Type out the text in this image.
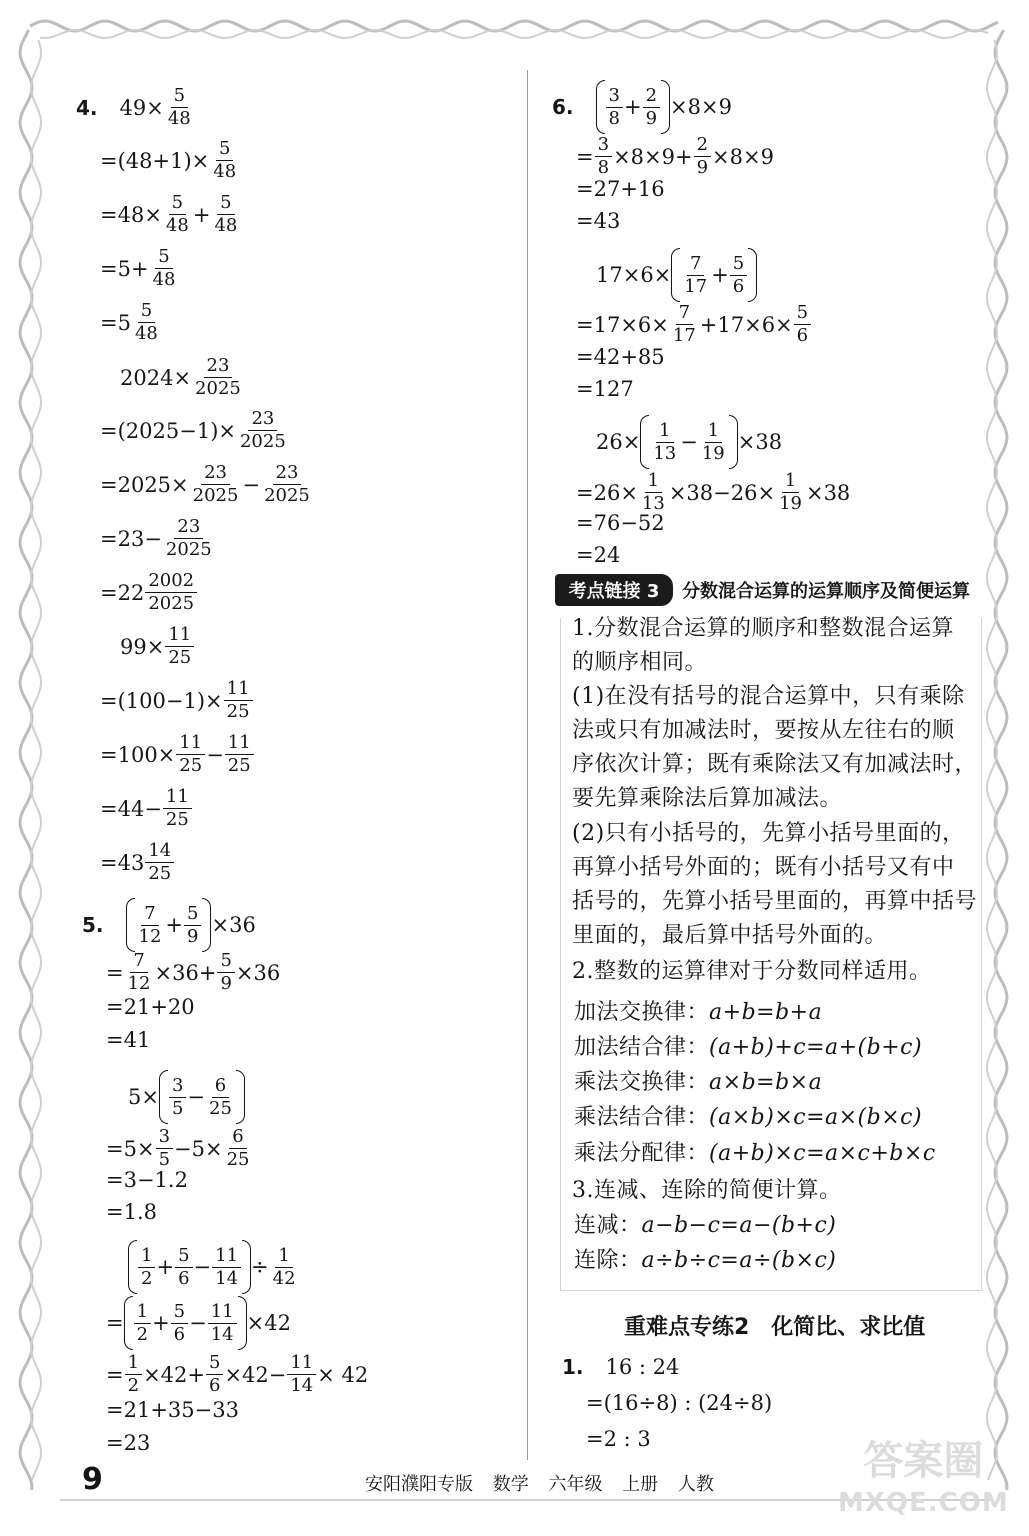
4. $49\times \frac{5}{48}$
$=(48+1)\times \frac{5}{48}$
$=48\times \frac{5}{48} + \frac{5}{48}$
$=5+ \frac{5}{48}$
=5 5
48
$2024\times \frac{23}{2025}$
$=(2025-1)\times \frac{23}{2025}$
$=2025\times \frac{23}{2025} - \frac{23}{2025}$
$=23- \frac{23}{2025}$
=22 2002
2025
$99\times \frac{11}{25}$
$=(100-1)\times \frac{11}{25}$
$=100\times \frac{11}{25} - \frac{11}{25}$
$=44- \frac{11}{25}$
=43 14
25
5. 7
$12 + \frac{5}{9} \times 36$
= $\frac{7}{12} \times 36+ \frac{5}{9} \times 36$
=21+20
=41
5× 3
$5 - \frac{6}{25}$
$=5\times \frac{3}{5} -5\times \frac{6}{25}$
=3−1.2
=1.8
1
$2 + \frac{5}{6} - \frac{11}{14} \div \frac{1}{42}$
= 1
$2 + \frac{5}{6} - \frac{11}{14} \times 42$
= $\frac{1}{2} \times 42+ \frac{5}{6} \times 42- \frac{11}{14} \times 42$
=21+35−33
=23
6. 3
$8 + \frac{2}{9} \times 8\times 9$
= $\frac{3}{8} \times 8\times 9+ \frac{2}{9} \times 8\times 9$
=27+16
=43
17×6× 7
$17 + \frac{5}{6}$
$=17\times 6\times \frac{7}{17} +17\times 6\times \frac{5}{6}$
=42+85
=127
26× 1
$13 - \frac{1}{19} \times 38$
$=26\times \frac{1}{13} \times 38-26\times \frac{1}{19} \times 38$
=76−52
=24
考点链接 3	分数混合运算的运算顺序及简便运算
1.分数混合运算的顺序和整数混合运算
的顺序相同。
(1)在没有括号的混合运算中，只有乘除
法或只有加减法时，要按从左往右的顺
序依次计算；既有乘除法又有加减法时，
要先算乘除法后算加减法。
(2)只有小括号的，先算小括号里面的，
再算小括号外面的；既有小括号又有中
括号的，先算小括号里面的，再算中括号
里面的，最后算中括号外面的。
2.整数的运算律对于分数同样适用。
加法交换律：a+b=b+a
加法结合律：(a+b)+c=a+(b+c)
乘法交换律：a×b=b×a
乘法结合律：(a×b)×c=a×(b×c)
乘法分配律：(a+b)×c=a×c+b×c
3.连减、连除的简便计算。
连减：a−b−c=a−(b+c)
连除：a÷b÷c=a÷(b×c)
重难点专练2　化简比、求比值
1. 16 : 24
=(16÷8) : (24÷8)
=2 : 3
9	安阳濮阳专版 数学 六年级 上册 人教
答案圈
MXQE.COM
